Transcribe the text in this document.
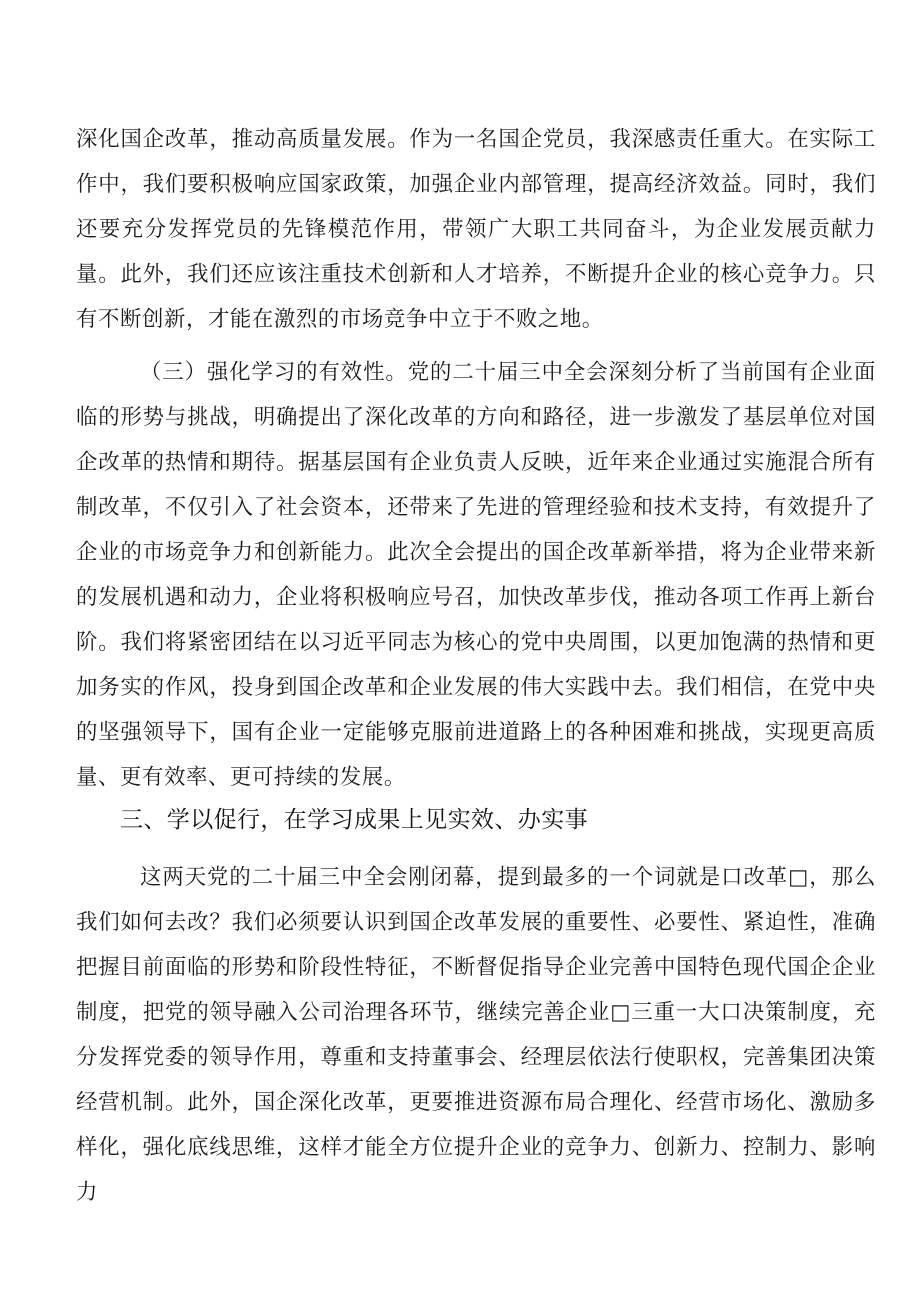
深化国企改革，推动高质量发展。作为一名国企党员，我深感责任重大。在实际工作中，我们要积极响应国家政策，加强企业内部管理，提高经济效益。同时，我们还要充分发挥党员的先锋模范作用，带领广大职工共同奋斗，为企业发展贡献力量。此外，我们还应该注重技术创新和人才培养，不断提升企业的核心竞争力。只有不断创新，才能在激烈的市场竞争中立于不败之地。

（三）强化学习的有效性。党的二十届三中全会深刻分析了当前国有企业面临的形势与挑战，明确提出了深化改革的方向和路径，进一步激发了基层单位对国企改革的热情和期待。据基层国有企业负责人反映，近年来企业通过实施混合所有制改革，不仅引入了社会资本，还带来了先进的管理经验和技术支持，有效提升了企业的市场竞争力和创新能力。此次全会提出的国企改革新举措，将为企业带来新的发展机遇和动力，企业将积极响应号召，加快改革步伐，推动各项工作再上新台阶。我们将紧密团结在以习近平同志为核心的党中央周围，以更加饱满的热情和更加务实的作风，投身到国企改革和企业发展的伟大实践中去。我们相信，在党中央的坚强领导下，国有企业一定能够克服前进道路上的各种困难和挑战，实现更高质量、更有效率、更可持续的发展。

三、学以促行，在学习成果上见实效、办实事

这两天党的二十届三中全会刚闭幕，提到最多的一个词就是口改革□，那么我们如何去改？我们必须要认识到国企改革发展的重要性、必要性、紧迫性，准确把握目前面临的形势和阶段性特征，不断督促指导企业完善中国特色现代国企企业制度，把党的领导融入公司治理各环节，继续完善企业□三重一大口决策制度，充分发挥党委的领导作用，尊重和支持董事会、经理层依法行使职权，完善集团决策经营机制。此外，国企深化改革，更要推进资源布局合理化、经营市场化、激励多样化，强化底线思维，这样才能全方位提升企业的竞争力、创新力、控制力、影响力
